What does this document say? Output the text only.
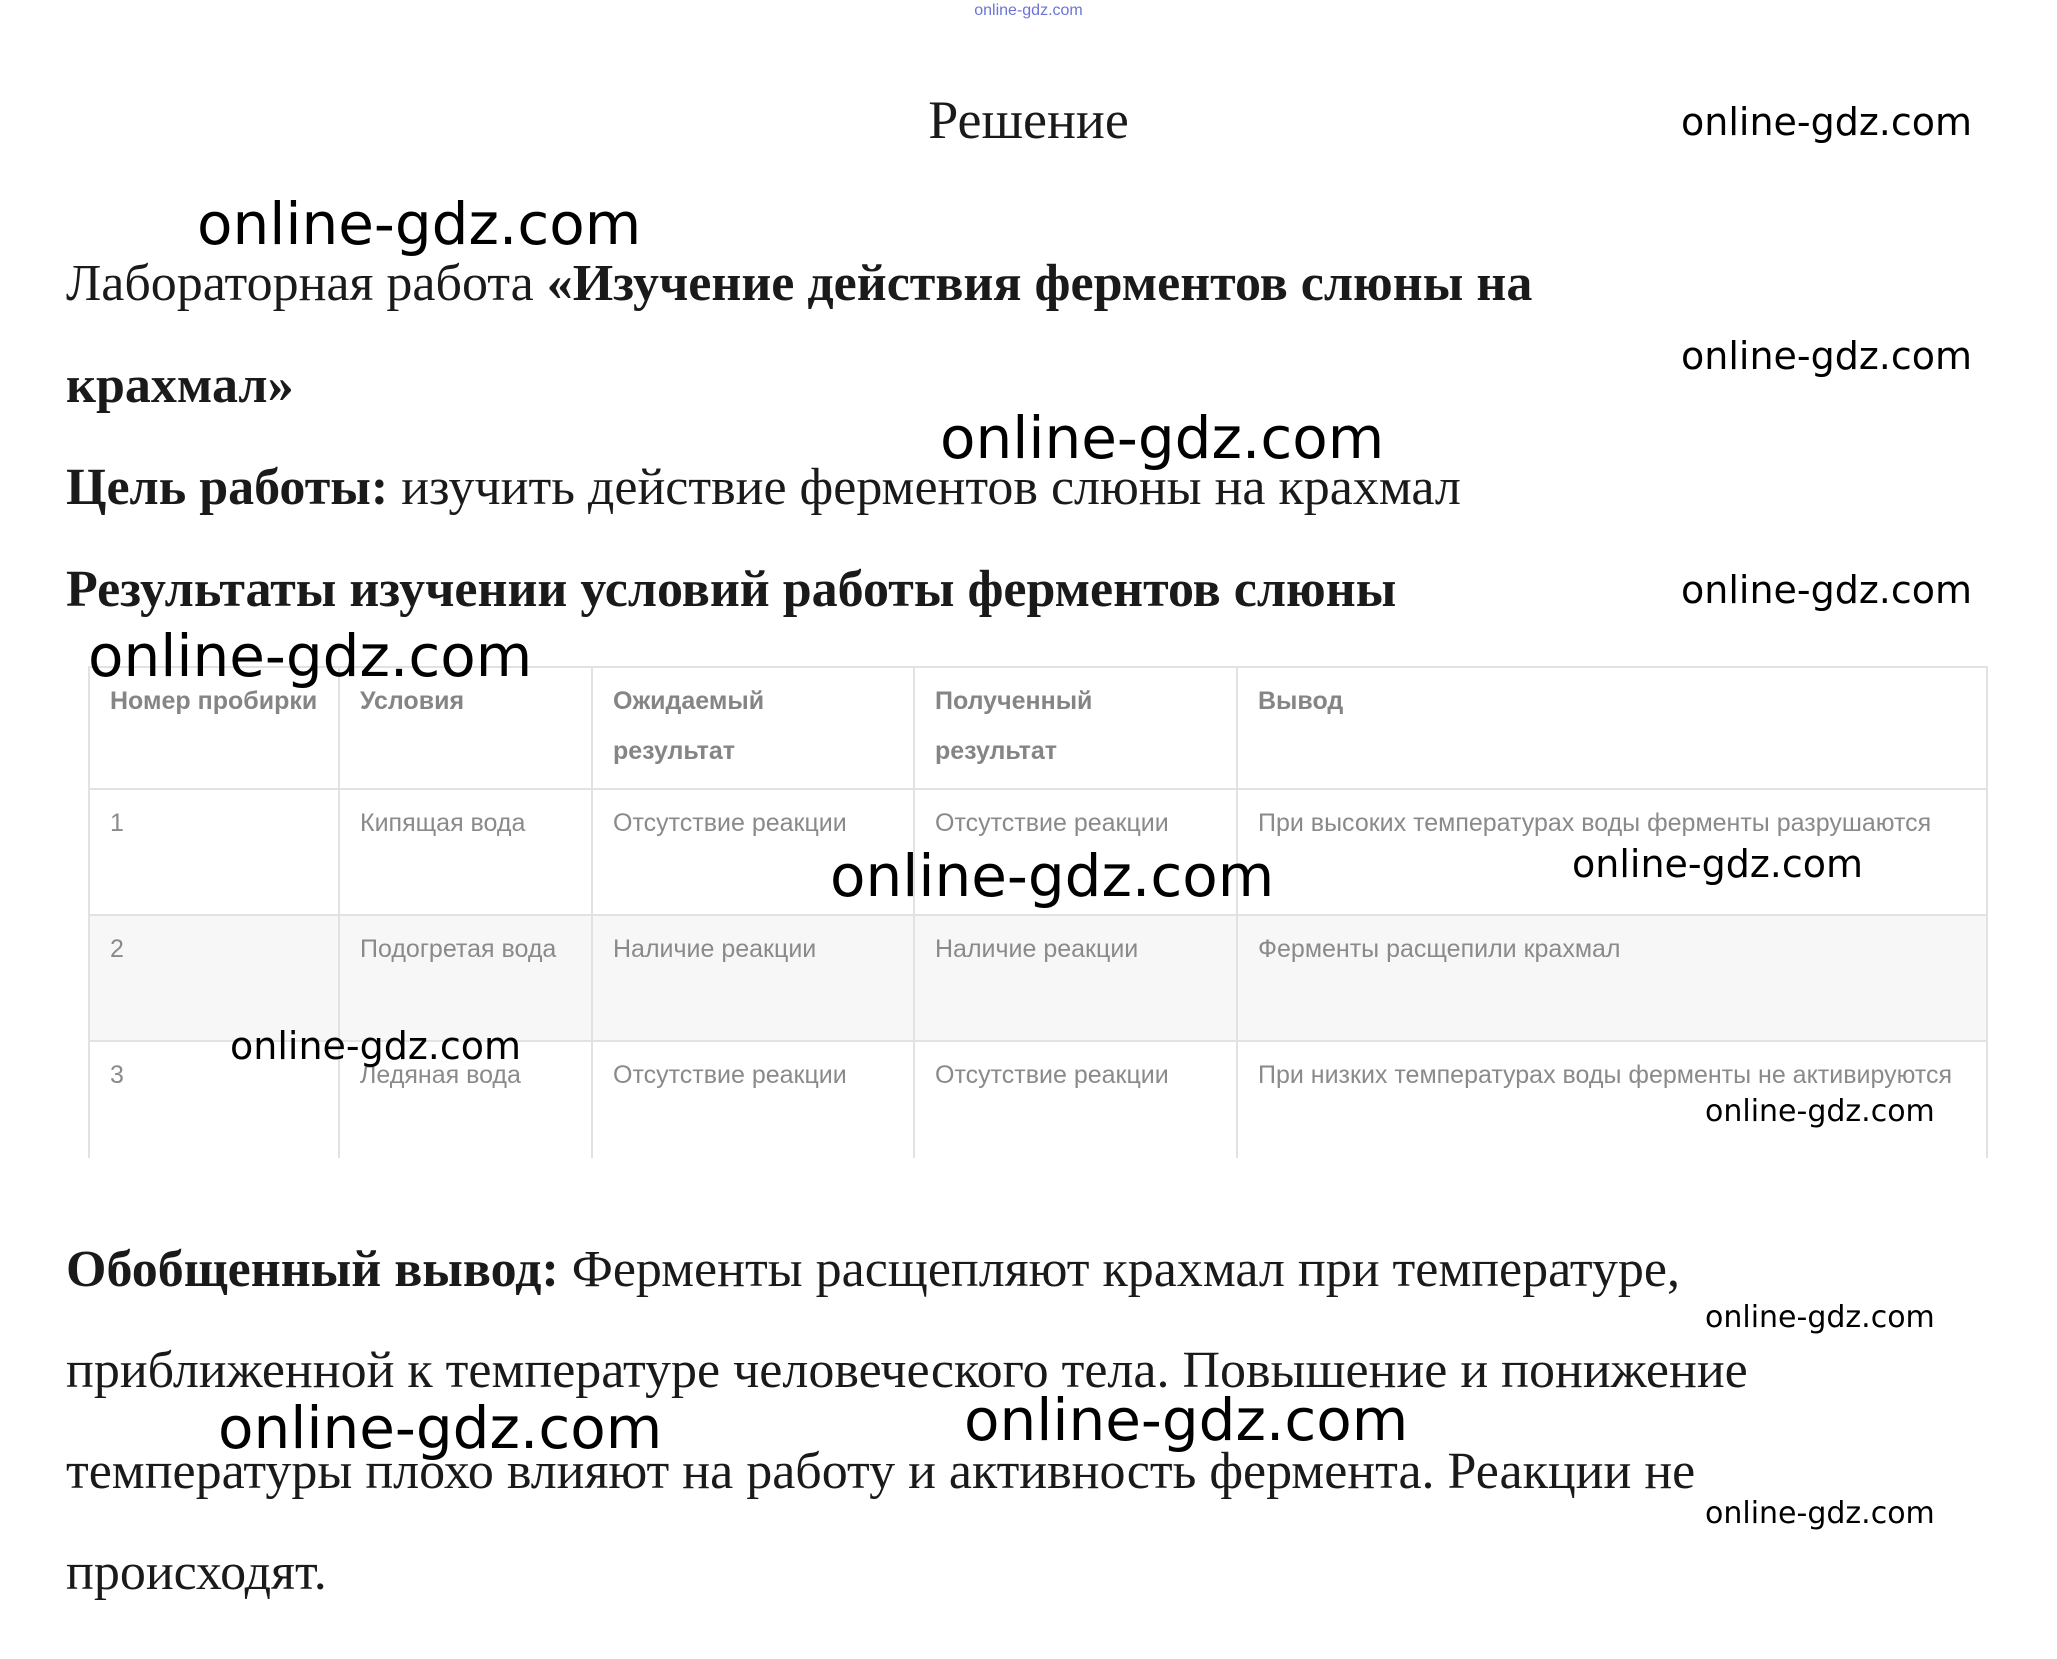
online-gdz.com
Решение

Лабораторная работа «Изучение действия ферментов слюны на

крахмал»

Цель работы: изучить действие ферментов слюны на крахмал

Результаты изучении условий работы ферментов слюны

Номер пробирки	Условия	Ожидаемый результат	Полученный результат	Вывод
1	Кипящая вода	Отсутствие реакции	Отсутствие реакции	При высоких температурах воды ферменты разрушаются
2	Подогретая вода	Наличие реакции	Наличие реакции	Ферменты расщепили крахмал
3	Ледяная вода	Отсутствие реакции	Отсутствие реакции	При низких температурах воды ферменты не активируются

Обобщенный вывод: Ферменты расщепляют крахмал при температуре,

приближенной к температуре человеческого тела. Повышение и понижение

температуры плохо влияют на работу и активность фермента. Реакции не

происходят.

online-gdz.com
online-gdz.com
online-gdz.com
online-gdz.com
online-gdz.com
online-gdz.com
online-gdz.com	online-gdz.com
online-gdz.com
online-gdz.com
online-gdz.com
online-gdz.com	online-gdz.com
online-gdz.com
